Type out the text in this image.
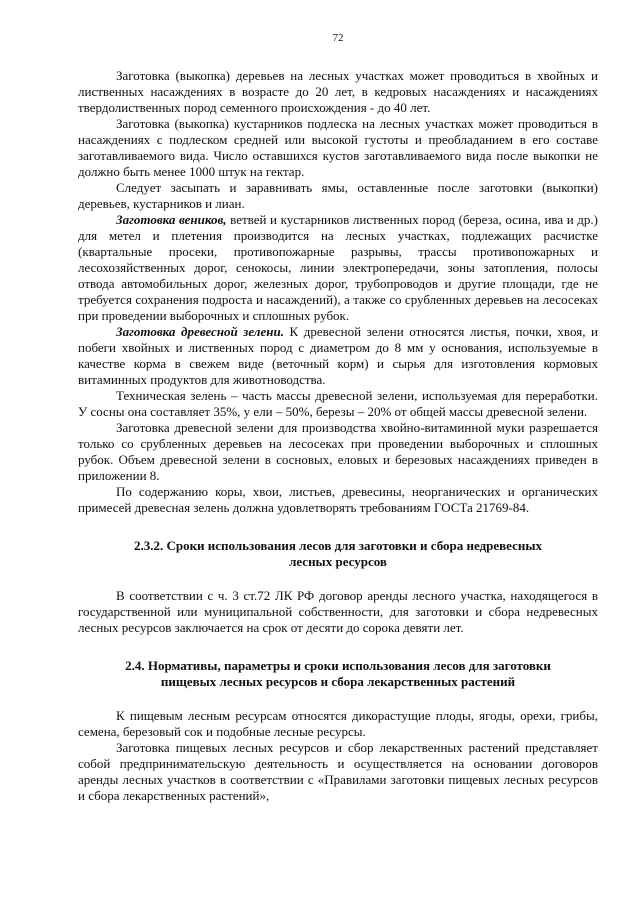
72

Заготовка (выкопка) деревьев на лесных участках может проводиться в хвойных и лиственных насаждениях в возрасте до 20 лет, в кедровых насаждениях и насаждениях твердолиственных пород семенного происхождения - до 40 лет.

Заготовка (выкопка) кустарников подлеска на лесных участках может проводиться в насаждениях с подлеском средней или высокой густоты и преобладанием в его составе заготавливаемого вида. Число оставшихся кустов заготавливаемого вида после выкопки не должно быть менее 1000 штук на гектар.

Следует засыпать и заравнивать ямы, оставленные после заготовки (выкопки) деревьев, кустарников и лиан.

Заготовка веников, ветвей и кустарников лиственных пород (береза, осина, ива и др.) для метел и плетения производится на лесных участках, подлежащих расчистке (квартальные просеки, противопожарные разрывы, трассы противопожарных и лесохозяйственных дорог, сенокосы, линии электропередачи, зоны затопления, полосы отвода автомобильных дорог, железных дорог, трубопроводов и другие площади, где не требуется сохранения подроста и насаждений), а также со срубленных деревьев на лесосеках при проведении выборочных и сплошных рубок.

Заготовка древесной зелени. К древесной зелени относятся листья, почки, хвоя, и побеги хвойных и лиственных пород с диаметром до 8 мм у основания, используемые в качестве корма в свежем виде (веточный корм) и сырья для изготовления кормовых витаминных продуктов для животноводства.

Техническая зелень – часть массы древесной зелени, используемая для переработки. У сосны она составляет 35%, у ели – 50%, березы – 20% от общей массы древесной зелени.

Заготовка древесной зелени для производства хвойно-витаминной муки разрешается только со срубленных деревьев на лесосеках при проведении выборочных и сплошных рубок. Объем древесной зелени в сосновых, еловых и березовых насаждениях приведен в приложении 8.

По содержанию коры, хвои, листьев, древесины, неорганических и органических примесей древесная зелень должна удовлетворять требованиям ГОСТа 21769-84.

2.3.2. Сроки использования лесов для заготовки и сбора недревесных
лесных ресурсов

В соответствии с ч. 3 ст.72 ЛК РФ договор аренды лесного участка, находящегося в государственной или муниципальной собственности, для заготовки и сбора недревесных лесных ресурсов заключается на срок от десяти до сорока девяти лет.

2.4. Нормативы, параметры и сроки использования лесов для заготовки
пищевых лесных ресурсов и сбора лекарственных растений

К пищевым лесным ресурсам относятся дикорастущие плоды, ягоды, орехи, грибы, семена, березовый сок и подобные лесные ресурсы.

Заготовка пищевых лесных ресурсов и сбор лекарственных растений представляет собой предпринимательскую деятельность и осуществляется на основании договоров аренды лесных участков в соответствии с «Правилами заготовки пищевых лесных ресурсов и сбора лекарственных растений»,
